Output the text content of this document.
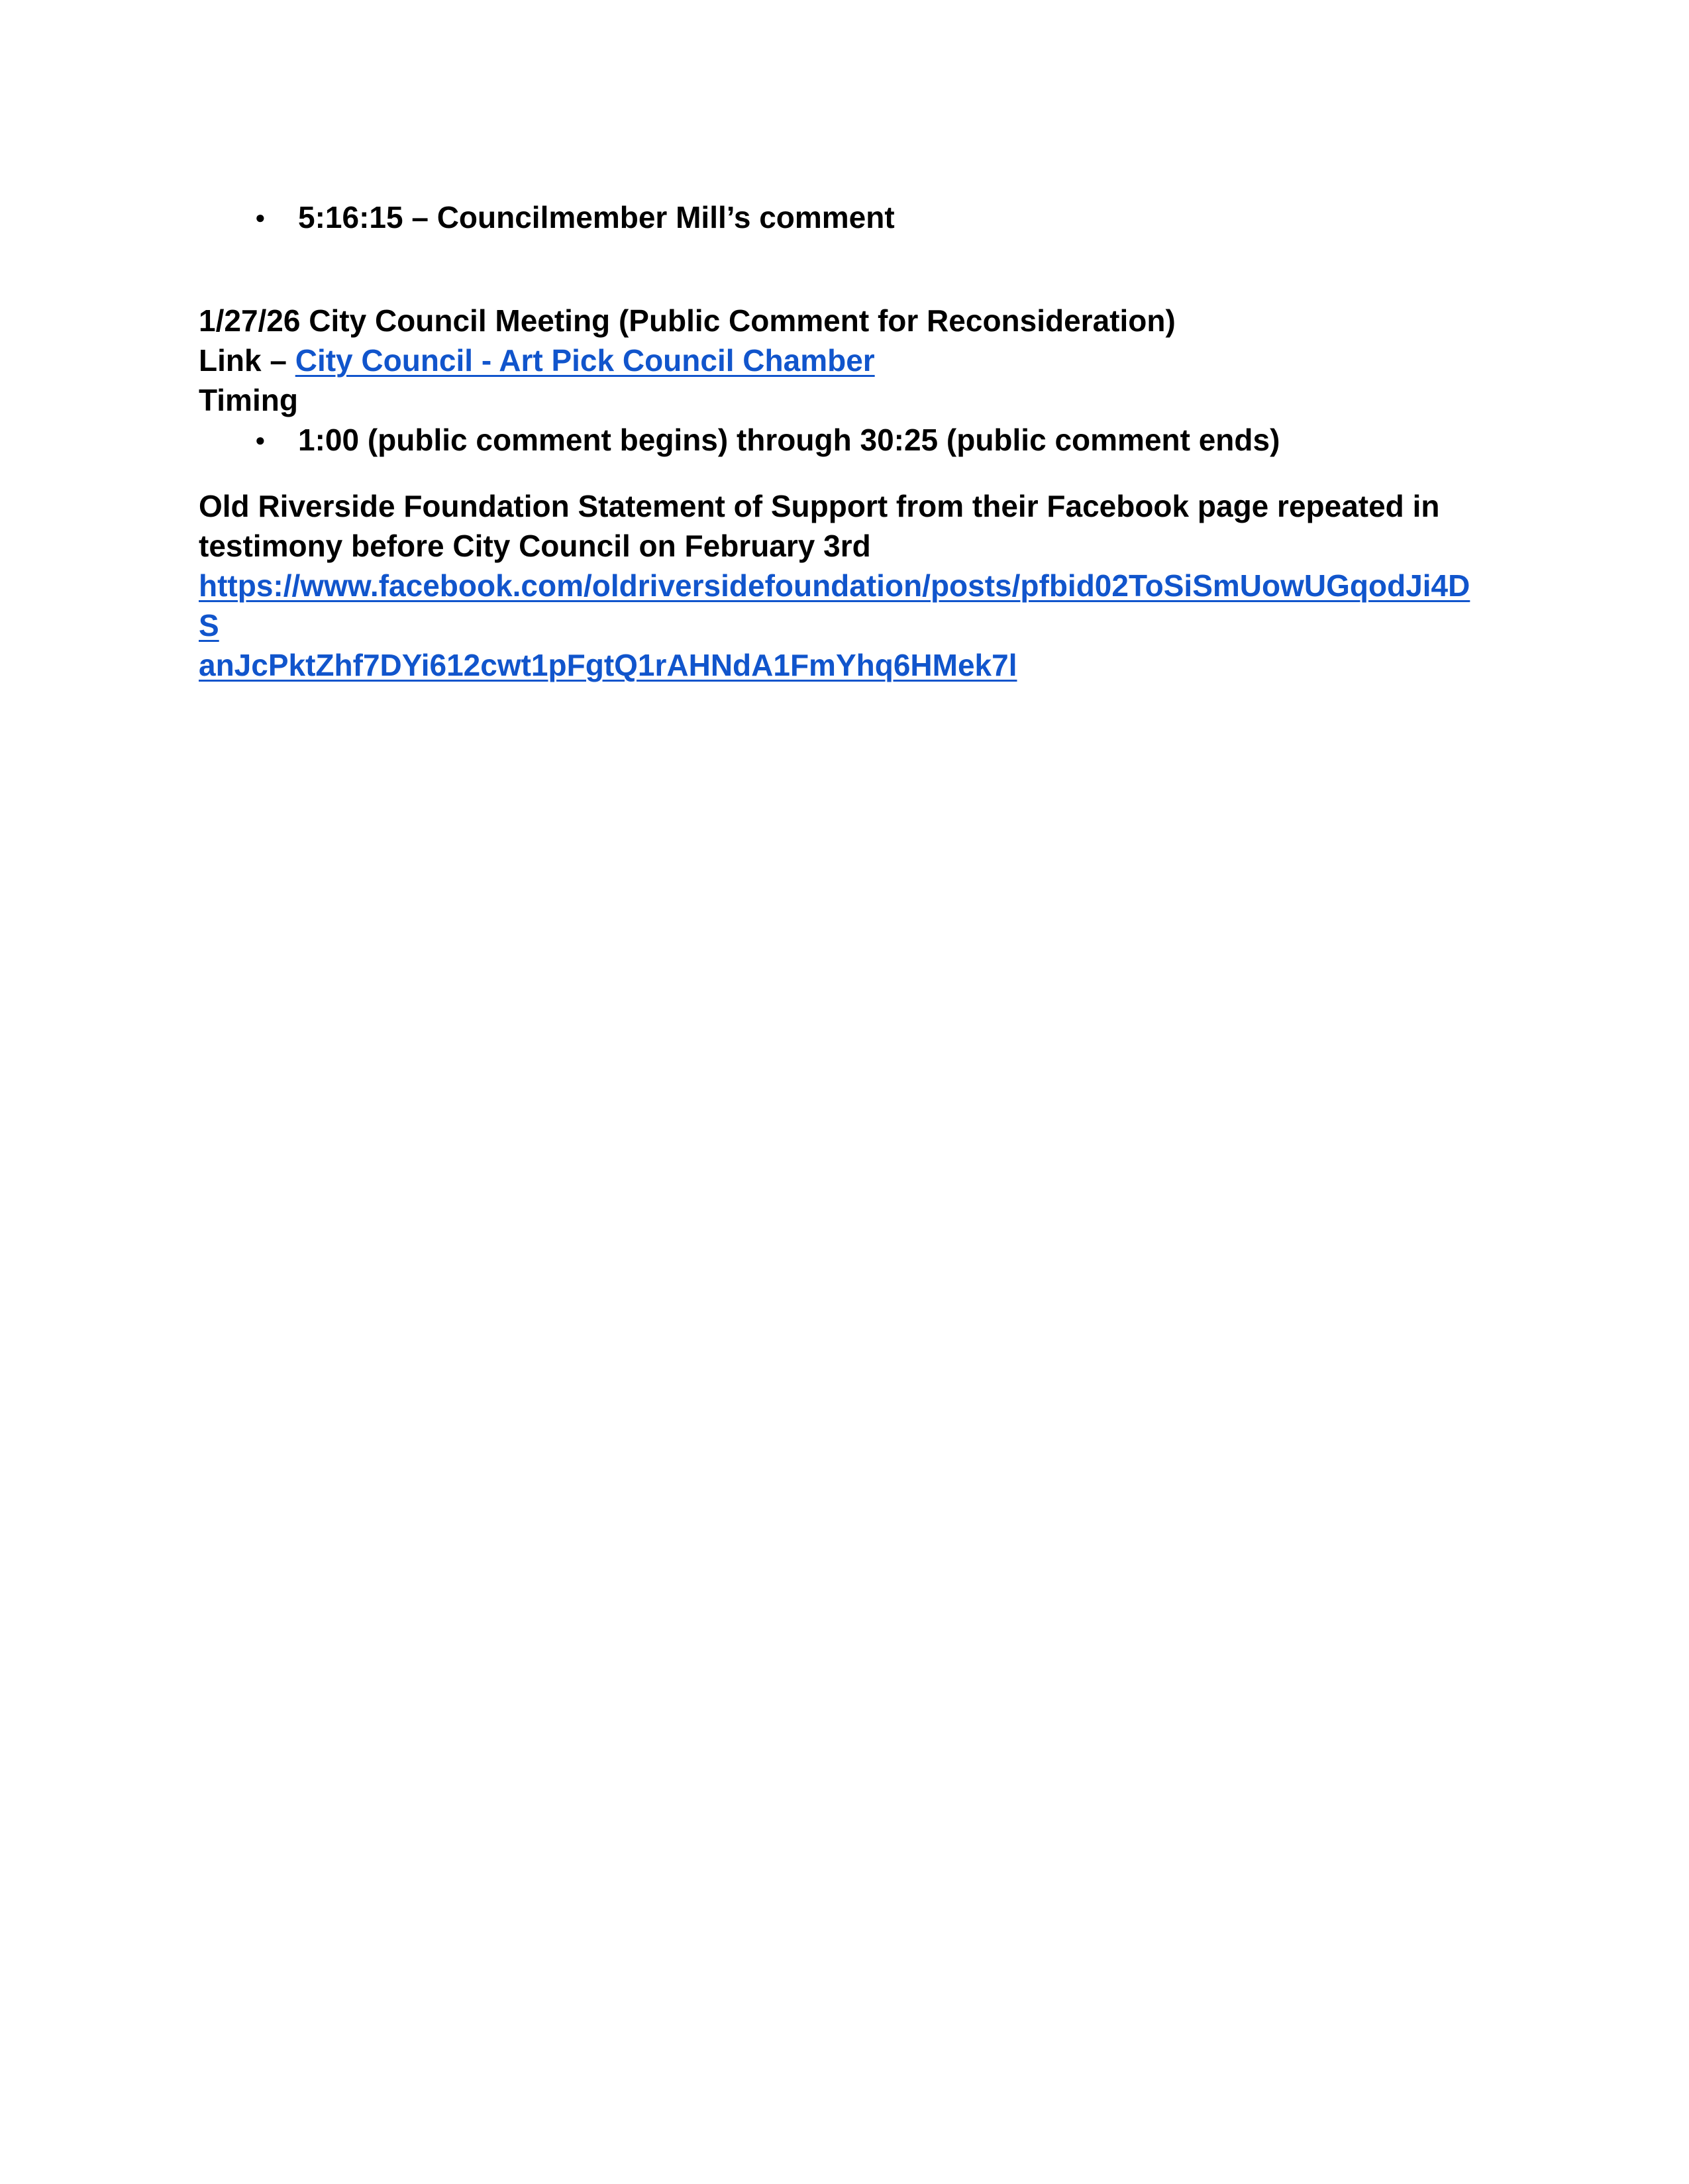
● 5:16:15 – Councilmember Mill’s comment
1/27/26 City Council Meeting (Public Comment for Reconsideration)
Link – City Council - Art Pick Council Chamber
Timing
● 1:00 (public comment begins) through 30:25 (public comment ends)
Old Riverside Foundation Statement of Support from their Facebook page repeated in testimony before City Council on February 3rd
https://www.facebook.com/oldriversidefoundation/posts/pfbid02ToSiSmUowUGqodJi4DS
anJcPktZhf7DYi612cwt1pFgtQ1rAHNdA1FmYhq6HMek7l
